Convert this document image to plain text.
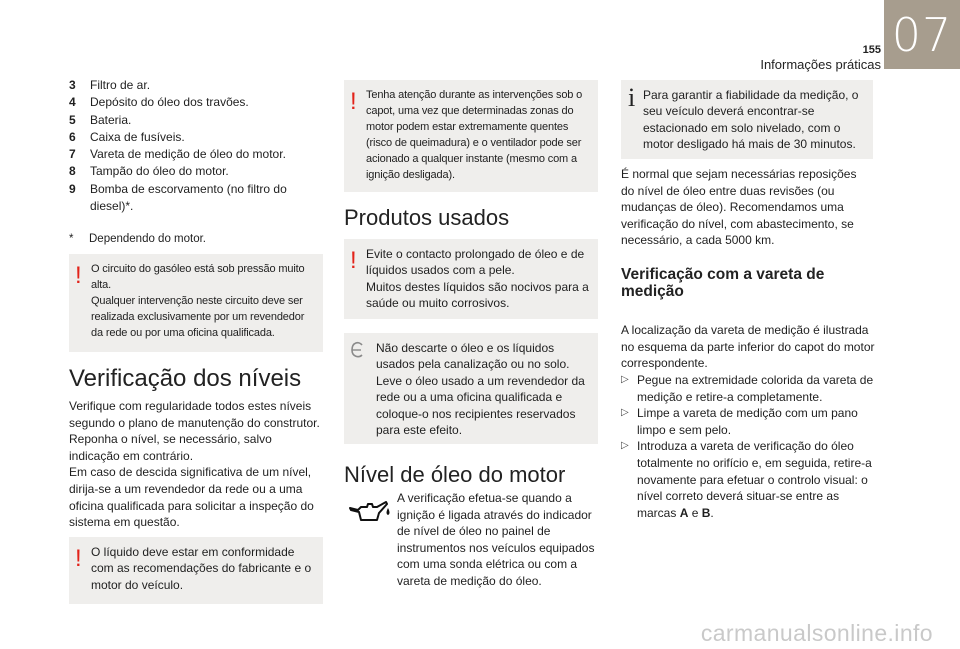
07
155
Informações práticas
3	Filtro de ar.
4	Depósito do óleo dos travões.
5	Bateria.
6	Caixa de fusíveis.
7	Vareta de medição de óleo do motor.
8	Tampão do óleo do motor.
9	Bomba de escorvamento (no filtro do diesel)*.
*	Dependendo do motor.
! O circuito do gasóleo está sob pressão muito alta.

Qualquer intervenção neste circuito deve ser realizada exclusivamente por um revendedor da rede ou por uma oficina qualificada.

Verificação dos níveis

Verifique com regularidade todos estes níveis segundo o plano de manutenção do construtor.

Reponha o nível, se necessário, salvo indicação em contrário.

Em caso de descida significativa de um nível, dirija-se a um revendedor da rede ou a uma oficina qualificada para solicitar a inspeção do sistema em questão.

! O líquido deve estar em conformidade com as recomendações do fabricante e o motor do veículo.

! Tenha atenção durante as intervenções sob o capot, uma vez que determinadas zonas do motor podem estar extremamente quentes (risco de queimadura) e o ventilador pode ser acionado a qualquer instante (mesmo com a ignição desligada).

Produtos usados
! Evite o contacto prolongado de óleo e de líquidos usados com a pele.

Muitos destes líquidos são nocivos para a saúde ou muito corrosivos.

Não descarte o óleo e os líquidos usados pela canalização ou no solo. Leve o óleo usado a um revendedor da rede ou a uma oficina qualificada e coloque-o nos recipientes reservados para este efeito.

Nível de óleo do motor
A verificação efetua-se quando a ignição é ligada através do indicador de nível de óleo no painel de instrumentos nos veículos equipados com uma sonda elétrica ou com a vareta de medição do óleo.
i Para garantir a fiabilidade da medição, o seu veículo deverá encontrar-se estacionado em solo nivelado, com o motor desligado há mais de 30 minutos.

É normal que sejam necessárias reposições do nível de óleo entre duas revisões (ou mudanças de óleo). Recomendamos uma verificação do nível, com abastecimento, se necessário, a cada 5000 km.

Verificação com a vareta de medição

A localização da vareta de medição é ilustrada no esquema da parte inferior do capot do motor correspondente.

▷ Pegue na extremidade colorida da vareta de medição e retire-a completamente.
▷ Limpe a vareta de medição com um pano limpo e sem pelo.
▷ Introduza a vareta de verificação do óleo totalmente no orifício e, em seguida, retire-a novamente para efetuar o controlo visual: o nível correto deverá situar-se entre as marcas A e B.
carmanualsonline.info
